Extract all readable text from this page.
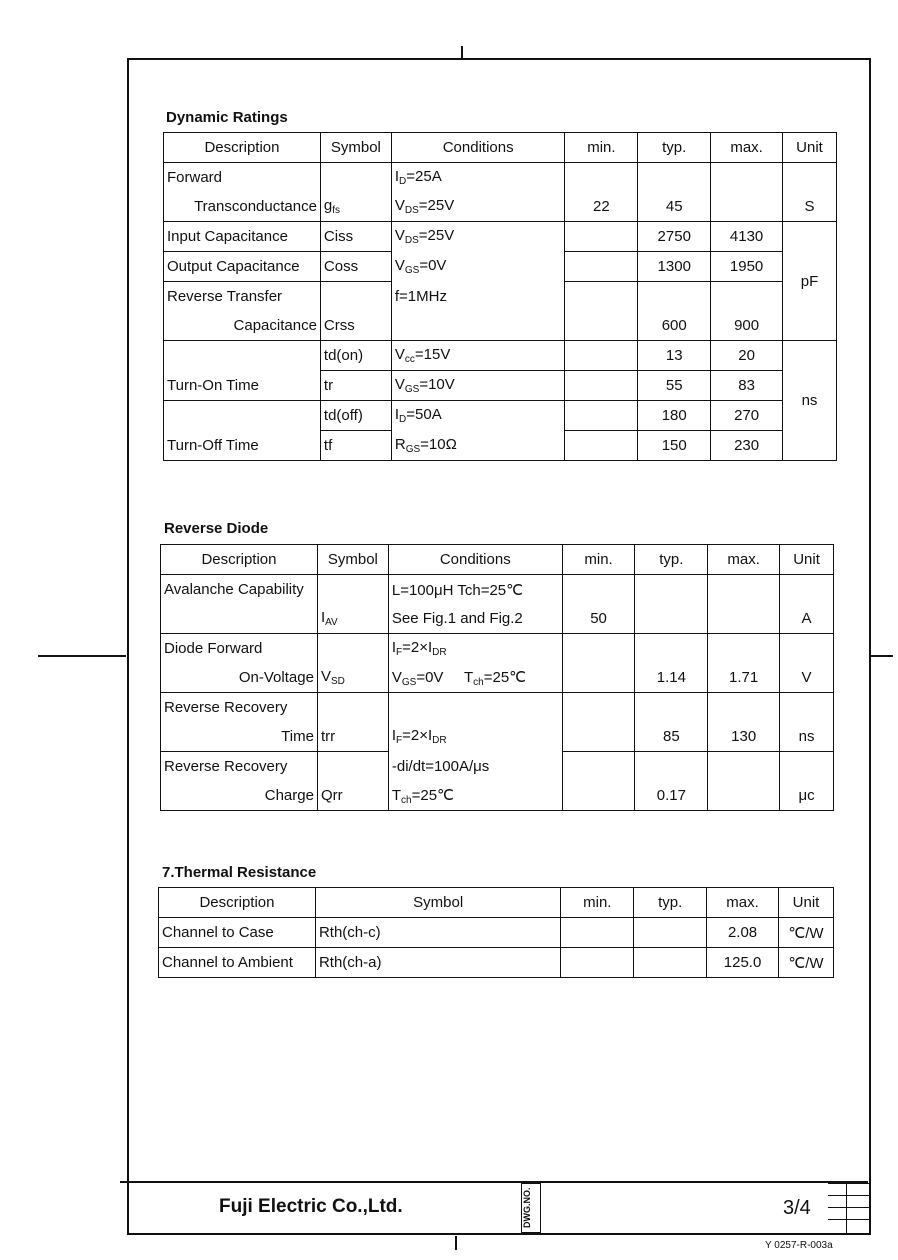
Dynamic Ratings
Description	Symbol	Conditions	min.	typ.	max.	Unit
Forward		$I_D=25A$				
Transconductance	$g_{fs}$	$V_{DS}=25V$	22	45		S
Input Capacitance	Ciss	$V_{DS}=25V$		2750	4130	pF
Output Capacitance	Coss	$V_{GS}=0V$		1300	1950	
Reverse Transfer		f=1MHz				
Capacitance	Crss			600	900	
	td(on)	$V_{cc}=15V$		13	20	ns
Turn-On Time	tr	$V_{GS}=10V$		55	83	
	td(off)	$I_D=50A$		180	270	
Turn-Off Time	tf	$R_{GS}=10\Omega$		150	230	
Reverse Diode
Description	Symbol	Conditions	min.	typ.	max.	Unit
Avalanche Capability		L=100μH Tch=25℃				
	$I_{AV}$	See Fig.1 and Fig.2	50			A
Diode Forward		$I_F=2\times I_{DR}$				
On-Voltage	$V_{SD}$	$V_{GS}=0V$     $T_{ch}=25℃$		1.14	1.71	V
Reverse Recovery						
Time	trr	$I_F=2\times I_{DR}$		85	130	ns
Reverse Recovery		-di/dt=100A/μs				
Charge	Qrr	$T_{ch}=25℃$		0.17		μc
7.Thermal Resistance
Description	Symbol	min.	typ.	max.	Unit
Channel to Case	Rth(ch-c)			2.08	℃/W
Channel to Ambient	Rth(ch-a)			125.0	℃/W
Fuji Electric Co.,Ltd.	DWG.NO.	3/4
Y 0257-R-003a
